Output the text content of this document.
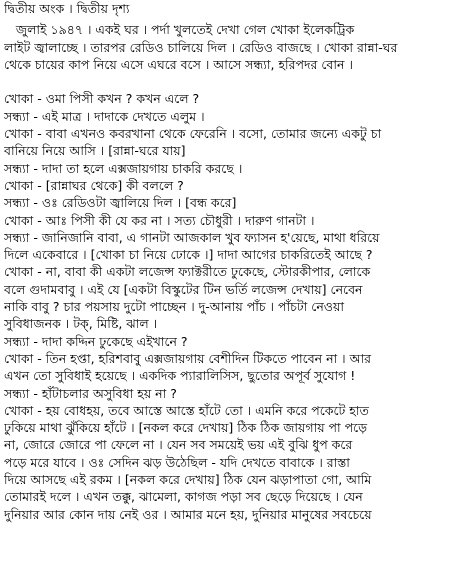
দ্বিতীয় অংক । দ্বিতীয় দৃশ্য
জুলাই ১৯৪৭ । একই ঘর । পর্দা খুলতেই দেখা গেল খোকা ইলেকট্রিক
লাইট জ্বালাচ্ছে । তারপর রেডিও চালিয়ে দিল । রেডিও বাজছে । খোকা রান্না-ঘর
থেকে চায়ের কাপ নিয়ে এসে এঘরে বসে । আসে সন্ধ্যা, হরিপদর বোন ।
খোকা - ওমা পিসী কখন ? কখন এলে ?
সন্ধ্যা - এই মাত্র । দাদাকে দেখতে এলুম ।
খোকা - বাবা এখনও কবরখানা থেকে ফেরেনি । বসো, তোমার জন্যে একটু চা
বানিয়ে নিয়ে আসি । [রান্না-ঘরে যায়]
সন্ধ্যা - দাদা তা হলে এক্সজায়গায় চাকরি করছে ।
খোকা - [রান্নাঘর থেকে] কী বললে ?
সন্ধ্যা - ওঃ রেডিওটা জ্বালিয়ে দিল । [বন্ধ করে]
খোকা - আঃ পিসী কী যে কর না । সত্য চৌধুরী । দারুণ গানটা ।
সন্ধ্যা - জানিজানি বাবা, এ গানটা আজকাল খুব ফ্যাসন হ'য়েছে, মাথা ধরিয়ে
দিলে একেবারে । [খোকা চা নিয়ে ঢোকে ।] দাদা আগের চাকরিতেই আছে ?
খোকা - না, বাবা কী একটা লজেন্স ফ্যাক্টরীতে ঢুকেছে, স্টোরকীপার, লোকে
বলে গুদামবাবু । এই যে [একটা বিস্কুটের টিন ভর্তি লজেন্স দেখায়] নেবেন
নাকি বাবু ? চার পয়সায় দুটো পাচ্ছেন । দু-আনায় পাঁচ । পাঁচটা নেওয়া
সুবিধাজনক । টক্, মিষ্টি, ঝাল ।
সন্ধ্যা - দাদা কদ্দিন ঢুকেছে এইখানে ?
খোকা - তিন হপ্তা, হরিশবাবু এক্সজায়গায় বেশীদিন টিকতে পাবেন না । আর
এখন তো সুবিধাই হয়েছে । একদিক প্যারালিসিস, ছুতোর অপূর্ব সুযোগ !
সন্ধ্যা - হাঁটাচলার অসুবিধা হয় না ?
খোকা - হয় বোধহয়, তবে আস্তে আস্তে হাঁটে তো । এমনি করে পকেটে হাত
ঢুকিয়ে মাথা ঝুঁকিয়ে হাঁটে । [নকল করে দেখায়] ঠিক ঠিক জায়গায় পা পড়ে
না, জোরে জোরে পা ফেলে না । যেন সব সময়েই ভয় এই বুঝি ধুপ করে
পড়ে মরে যাবে । ওঃ সেদিন ঝড় উঠেছিল - যদি দেখতে বাবাকে । রাস্তা
দিয়ে আসছে এই রকম । [নকল করে দেখায়] ঠিক যেন ঝড়াপাতা গো, আমি
তোমারই দলে । এখন তক্কু, ঝামেলা, কাগজ পড়া সব ছেড়ে দিয়েছে । যেন
দুনিয়ার আর কোন দায় নেই ওর । আমার মনে হয়, দুনিয়ার মানুষের সবচেয়ে
